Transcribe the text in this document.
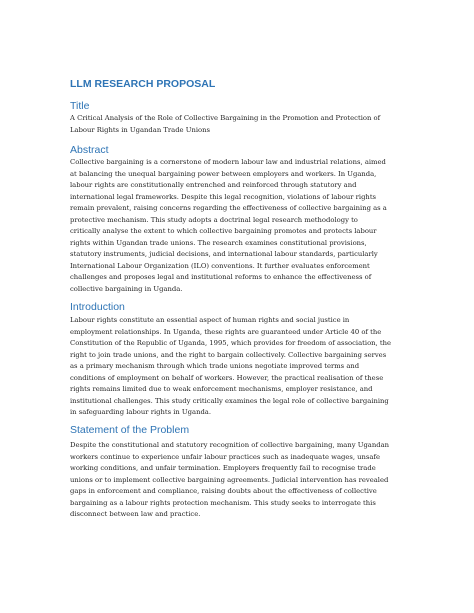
LLM RESEARCH PROPOSAL
Title

A Critical Analysis of the Role of Collective Bargaining in the Promotion and Protection of
Labour Rights in Ugandan Trade Unions

Abstract

Collective bargaining is a cornerstone of modern labour law and industrial relations, aimed
at balancing the unequal bargaining power between employers and workers. In Uganda,
labour rights are constitutionally entrenched and reinforced through statutory and
international legal frameworks. Despite this legal recognition, violations of labour rights
remain prevalent, raising concerns regarding the effectiveness of collective bargaining as a
protective mechanism. This study adopts a doctrinal legal research methodology to
critically analyse the extent to which collective bargaining promotes and protects labour
rights within Ugandan trade unions. The research examines constitutional provisions,
statutory instruments, judicial decisions, and international labour standards, particularly
International Labour Organization (ILO) conventions. It further evaluates enforcement
challenges and proposes legal and institutional reforms to enhance the effectiveness of
collective bargaining in Uganda.

Introduction

Labour rights constitute an essential aspect of human rights and social justice in
employment relationships. In Uganda, these rights are guaranteed under Article 40 of the
Constitution of the Republic of Uganda, 1995, which provides for freedom of association, the
right to join trade unions, and the right to bargain collectively. Collective bargaining serves
as a primary mechanism through which trade unions negotiate improved terms and
conditions of employment on behalf of workers. However, the practical realisation of these
rights remains limited due to weak enforcement mechanisms, employer resistance, and
institutional challenges. This study critically examines the legal role of collective bargaining
in safeguarding labour rights in Uganda.

Statement of the Problem

Despite the constitutional and statutory recognition of collective bargaining, many Ugandan
workers continue to experience unfair labour practices such as inadequate wages, unsafe
working conditions, and unfair termination. Employers frequently fail to recognise trade
unions or to implement collective bargaining agreements. Judicial intervention has revealed
gaps in enforcement and compliance, raising doubts about the effectiveness of collective
bargaining as a labour rights protection mechanism. This study seeks to interrogate this
disconnect between law and practice.
